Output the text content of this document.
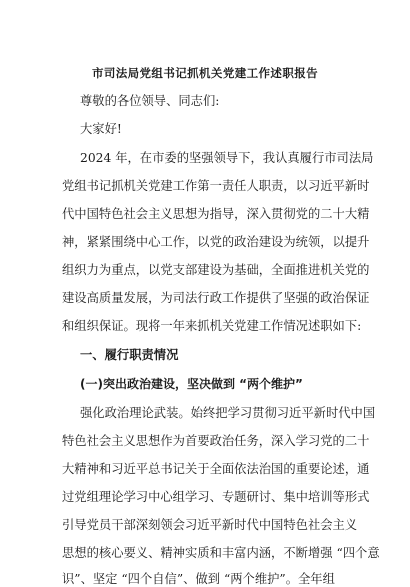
市司法局党组书记抓机关党建工作述职报告
尊敬的各位领导、同志们:
大家好!
2024 年，在市委的坚强领导下，我认真履行市司法局
党组书记抓机关党建工作第一责任人职责，以习近平新时
代中国特色社会主义思想为指导，深入贯彻党的二十大精
神，紧紧围绕中心工作，以党的政治建设为统领，以提升
组织力为重点，以党支部建设为基础，全面推进机关党的
建设高质量发展，为司法行政工作提供了坚强的政治保证
和组织保证。现将一年来抓机关党建工作情况述职如下:
一、履行职责情况
(一)突出政治建设，坚决做到 “两个维护”
强化政治理论武装。始终把学习贯彻习近平新时代中国
特色社会主义思想作为首要政治任务，深入学习党的二十
大精神和习近平总书记关于全面依法治国的重要论述，通
过党组理论学习中心组学习、专题研讨、集中培训等形式
引导党员干部深刻领会习近平新时代中国特色社会主义
思想的核心要义、精神实质和丰富内涵，不断增强 “四个意
识”、坚定 “四个自信”、做到 “两个维护”。全年组
